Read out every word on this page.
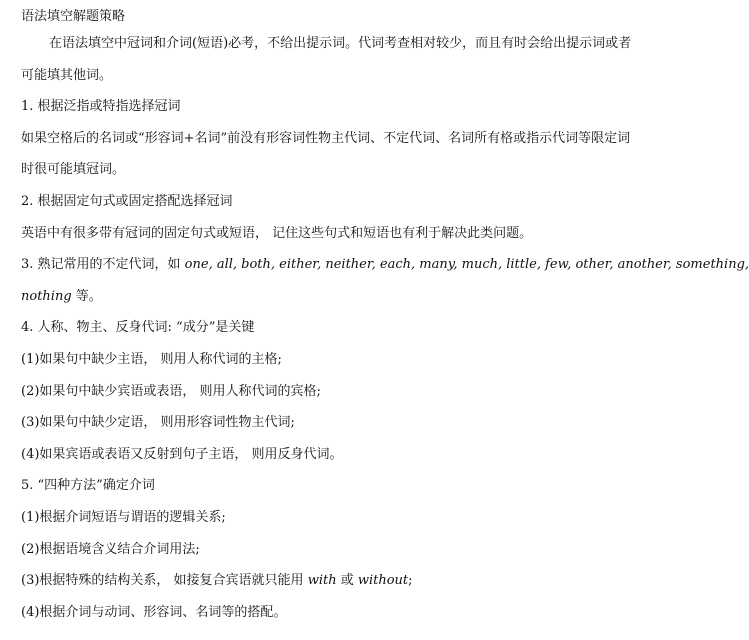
语法填空解题策略
在语法填空中冠词和介词(短语)必考，不给出提示词。代词考查相对较少，而且有时会给出提示词或者
可能填其他词。
1. 根据泛指或特指选择冠词
如果空格后的名词或“形容词+名词”前没有形容词性物主代词、不定代词、名词所有格或指示代词等限定词
时很可能填冠词。
2. 根据固定句式或固定搭配选择冠词
英语中有很多带有冠词的固定句式或短语， 记住这些句式和短语也有利于解决此类问题。
3. 熟记常用的不定代词，如 one, all, both, either, neither, each, many, much, little, few, other, another, something,
nothing 等。
4. 人称、物主、反身代词: “成分”是关键
(1)如果句中缺少主语， 则用人称代词的主格;
(2)如果句中缺少宾语或表语， 则用人称代词的宾格;
(3)如果句中缺少定语， 则用形容词性物主代词;
(4)如果宾语或表语又反射到句子主语， 则用反身代词。
5. “四种方法”确定介词
(1)根据介词短语与谓语的逻辑关系;
(2)根据语境含义结合介词用法;
(3)根据特殊的结构关系， 如接复合宾语就只能用 with 或 without;
(4)根据介词与动词、形容词、名词等的搭配。
